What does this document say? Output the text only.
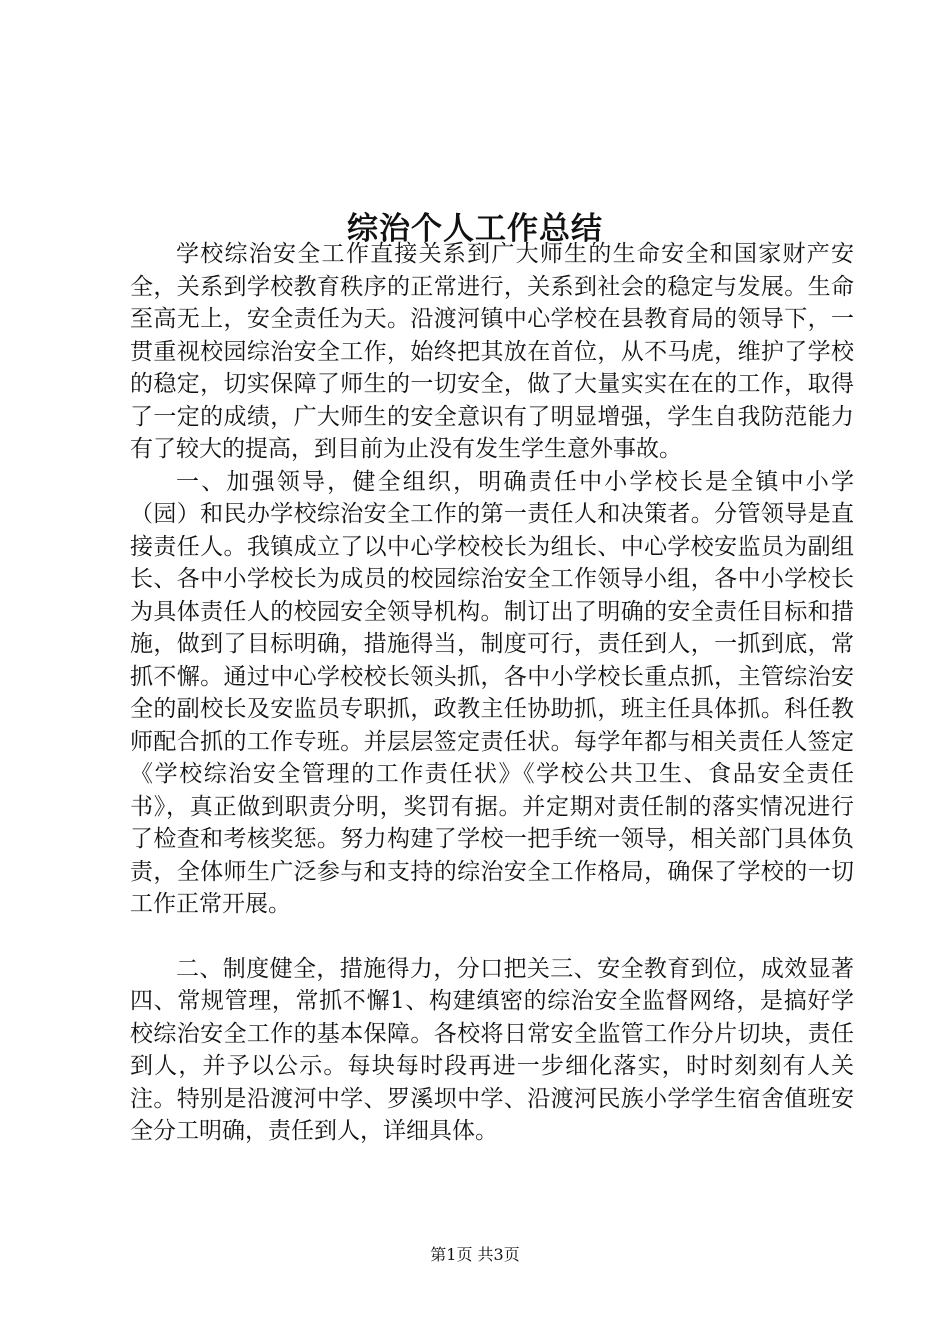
综治个人工作总结

学校综治安全工作直接关系到广大师生的生命安全和国家财产安全，关系到学校教育秩序的正常进行，关系到社会的稳定与发展。生命至高无上，安全责任为天。沿渡河镇中心学校在县教育局的领导下，一贯重视校园综治安全工作，始终把其放在首位，从不马虎，维护了学校的稳定，切实保障了师生的一切安全，做了大量实实在在的工作，取得了一定的成绩，广大师生的安全意识有了明显增强，学生自我防范能力有了较大的提高，到目前为止没有发生学生意外事故。

一、加强领导，健全组织，明确责任中小学校长是全镇中小学（园）和民办学校综治安全工作的第一责任人和决策者。分管领导是直接责任人。我镇成立了以中心学校校长为组长、中心学校安监员为副组长、各中小学校长为成员的校园综治安全工作领导小组，各中小学校长为具体责任人的校园安全领导机构。制订出了明确的安全责任目标和措施，做到了目标明确，措施得当，制度可行，责任到人，一抓到底，常抓不懈。通过中心学校校长领头抓，各中小学校长重点抓，主管综治安全的副校长及安监员专职抓，政教主任协助抓，班主任具体抓。科任教师配合抓的工作专班。并层层签定责任状。每学年都与相关责任人签定《学校综治安全管理的工作责任状》《学校公共卫生、食品安全责任书》，真正做到职责分明，奖罚有据。并定期对责任制的落实情况进行了检查和考核奖惩。努力构建了学校一把手统一领导，相关部门具体负责，全体师生广泛参与和支持的综治安全工作格局，确保了学校的一切工作正常开展。

二、制度健全，措施得力，分口把关三、安全教育到位，成效显著四、常规管理，常抓不懈1、构建缜密的综治安全监督网络，是搞好学校综治安全工作的基本保障。各校将日常安全监管工作分片切块，责任到人，并予以公示。每块每时段再进一步细化落实，时时刻刻有人关注。特别是沿渡河中学、罗溪坝中学、沿渡河民族小学学生宿舍值班安全分工明确，责任到人，详细具体。

第1页 共3页
